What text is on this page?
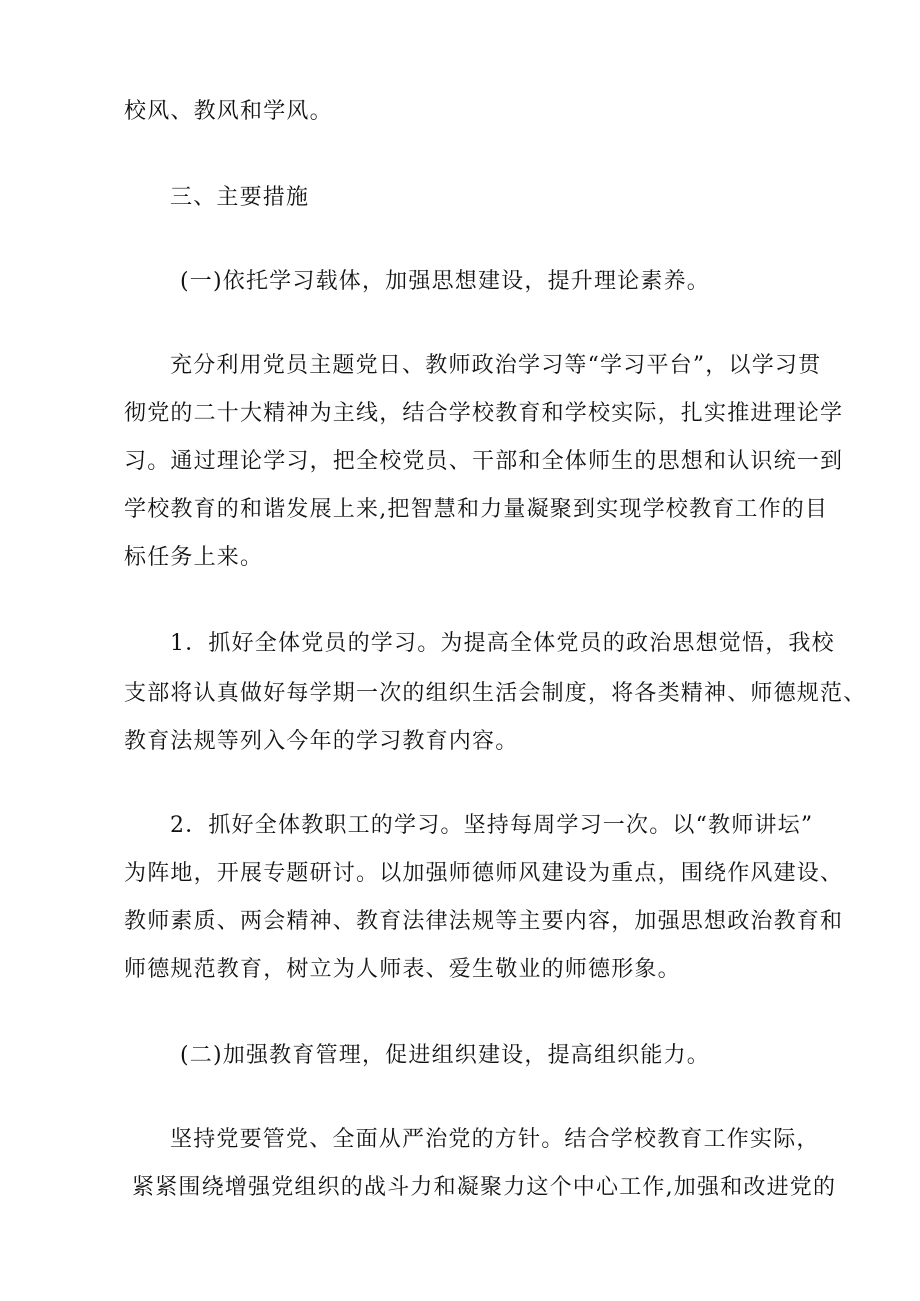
校风、教风和学风。
三、主要措施
(一)依托学习载体，加强思想建设，提升理论素养。
充分利用党员主题党日、教师政治学习等“学习平台”，以学习贯
彻党的二十大精神为主线，结合学校教育和学校实际，扎实推进理论学
习。通过理论学习，把全校党员、干部和全体师生的思想和认识统一到
学校教育的和谐发展上来,把智慧和力量凝聚到实现学校教育工作的目
标任务上来。
1．抓好全体党员的学习。为提高全体党员的政治思想觉悟，我校
支部将认真做好每学期一次的组织生活会制度，将各类精神、师德规范、
教育法规等列入今年的学习教育内容。
2．抓好全体教职工的学习。坚持每周学习一次。以“教师讲坛”
为阵地，开展专题研讨。以加强师德师风建设为重点，围绕作风建设、
教师素质、两会精神、教育法律法规等主要内容，加强思想政治教育和
师德规范教育，树立为人师表、爱生敬业的师德形象。
(二)加强教育管理，促进组织建设，提高组织能力。
坚持党要管党、全面从严治党的方针。结合学校教育工作实际，
紧紧围绕增强党组织的战斗力和凝聚力这个中心工作,加强和改进党的
